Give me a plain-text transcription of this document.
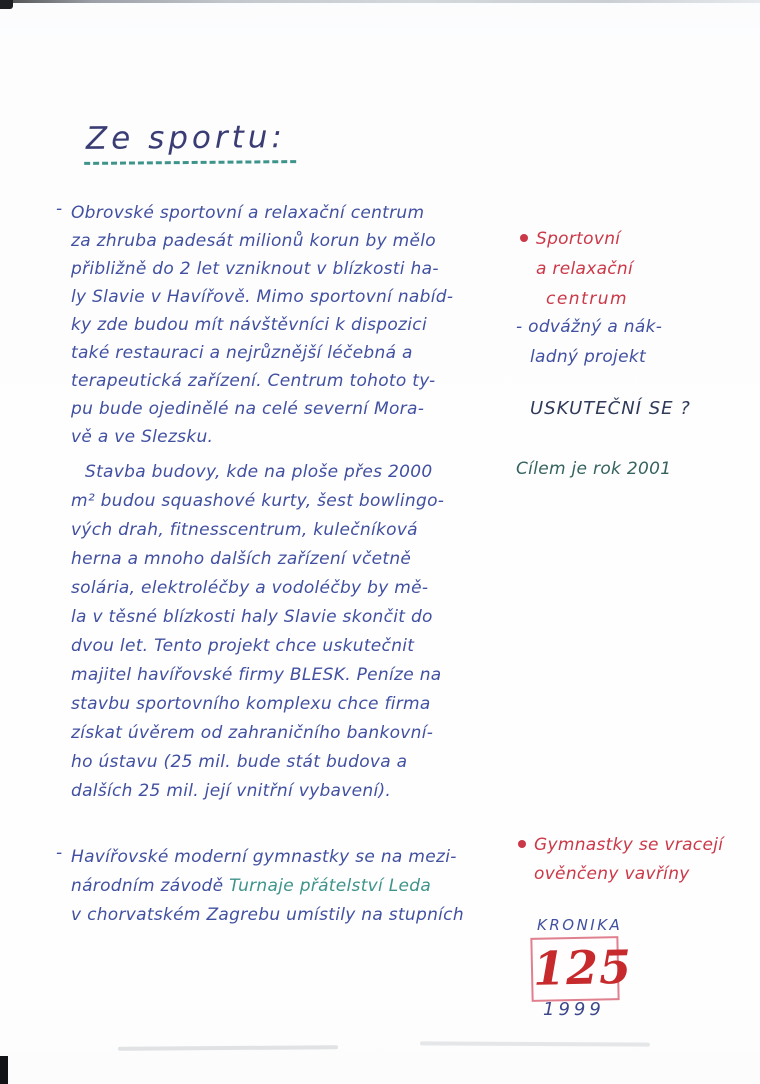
Ze sportu:
- Obrovské sportovní a relaxační centrum
za zhruba padesát milionů korun by mělo
přibližně do 2 let vzniknout v blízkosti ha-
ly Slavie v Havířově. Mimo sportovní nabíd-
ky zde budou mít návštěvníci k dispozici
také restauraci a nejrůznější léčebná a
terapeutická zařízení. Centrum tohoto ty-
pu bude ojedinělé na celé severní Mora-
vě a ve Slezsku.
Stavba budovy, kde na ploše přes 2000
m² budou squashové kurty, šest bowlingo-
vých drah, fitnesscentrum, kulečníková
herna a mnoho dalších zařízení včetně
solária, elektroléčby a vodoléčby by mě-
la v těsné blízkosti haly Slavie skončit do
dvou let. Tento projekt chce uskutečnit
majitel havířovské firmy BLESK. Peníze na
stavbu sportovního komplexu chce firma
získat úvěrem od zahraničního bankovní-
ho ústavu (25 mil. bude stát budova a
dalších 25 mil. její vnitřní vybavení).
- Havířovské moderní gymnastky se na mezi-
národním závodě Turnaje přátelství Leda
v chorvatském Zagrebu umístily na stupních
Sportovní
a relaxační
centrum
- odvážný a nák-
ladný projekt
USKUTEČNÍ SE ?
Cílem je rok 2001
Gymnastky se vracejí
ověnčeny vavříny
KRONIKA
125
1999
